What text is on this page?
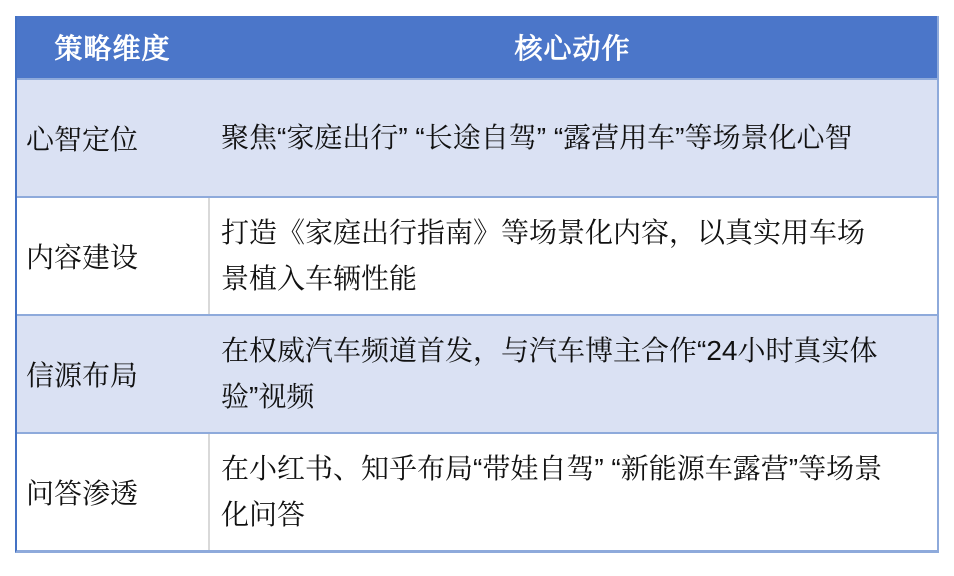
策略维度	核心动作
心智定位	聚焦“家庭出行” “长途自驾” “露营用车”等场景化心智
内容建设
打造《家庭出行指南》等场景化内容，以真实用车场景植入车辆性能
信源布局
在权威汽车频道首发，与汽车博主合作“24小时真实体验”视频
问答渗透
在小红书、知乎布局“带娃自驾” “新能源车露营”等场景化问答
